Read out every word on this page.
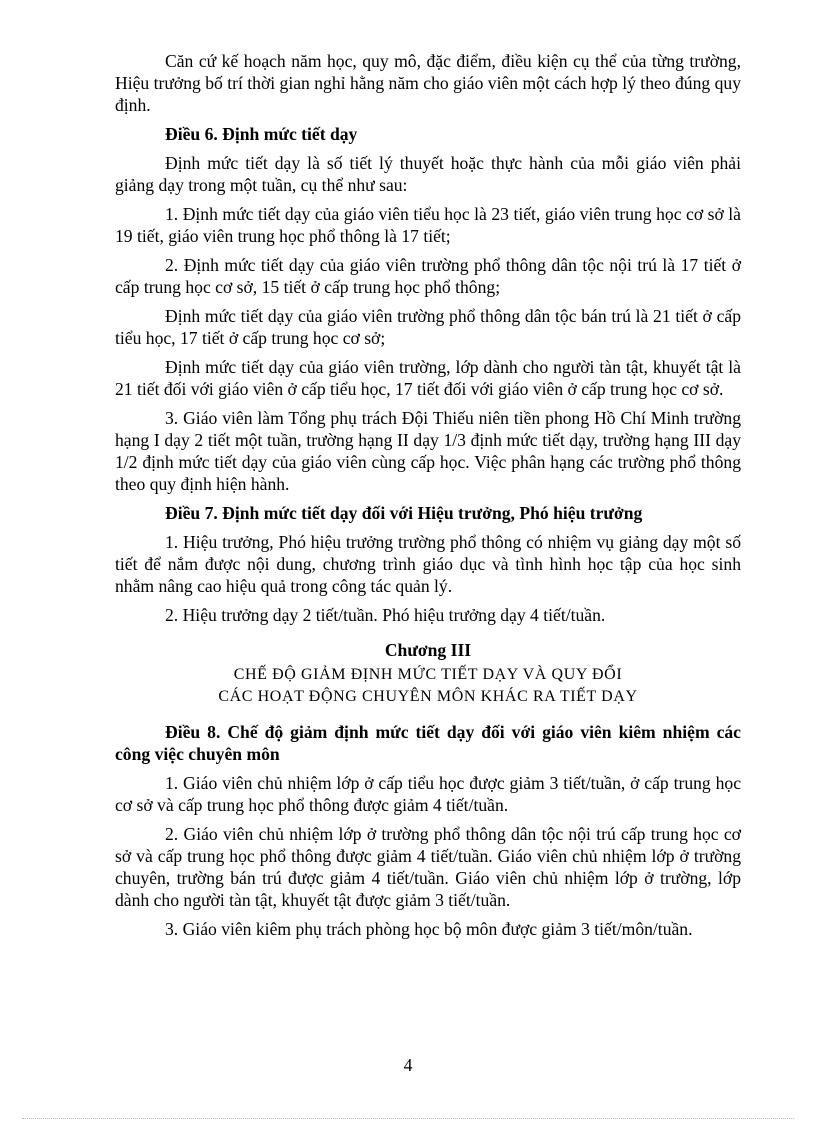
Căn cứ kế hoạch năm học, quy mô, đặc điểm, điều kiện cụ thể của từng trường, Hiệu trưởng bố trí thời gian nghỉ hằng năm cho giáo viên một cách hợp lý theo đúng quy định.

Điều 6. Định mức tiết dạy

Định mức tiết dạy là số tiết lý thuyết hoặc thực hành của mỗi giáo viên phải giảng dạy trong một tuần, cụ thể như sau:

1. Định mức tiết dạy của giáo viên tiểu học là 23 tiết, giáo viên trung học cơ sở là 19 tiết, giáo viên trung học phổ thông là 17 tiết;

2. Định mức tiết dạy của giáo viên trường phổ thông dân tộc nội trú là 17 tiết ở cấp trung học cơ sở, 15 tiết ở cấp trung học phổ thông;

Định mức tiết dạy của giáo viên trường phổ thông dân tộc bán trú là 21 tiết ở cấp tiểu học, 17 tiết ở cấp trung học cơ sở;

Định mức tiết dạy của giáo viên trường, lớp dành cho người tàn tật, khuyết tật là 21 tiết đối với giáo viên ở cấp tiểu học, 17 tiết đối với giáo viên ở cấp trung học cơ sở.

3. Giáo viên làm Tổng phụ trách Đội Thiếu niên tiền phong Hồ Chí Minh trường hạng I dạy 2 tiết một tuần, trường hạng II dạy 1/3 định mức tiết dạy, trường hạng III dạy 1/2 định mức tiết dạy của giáo viên cùng cấp học. Việc phân hạng các trường phổ thông theo quy định hiện hành.

Điều 7. Định mức tiết dạy đối với Hiệu trưởng, Phó hiệu trưởng

1. Hiệu trưởng, Phó hiệu trưởng trường phổ thông có nhiệm vụ giảng dạy một số tiết để nắm được nội dung, chương trình giáo dục và tình hình học tập của học sinh nhằm nâng cao hiệu quả trong công tác quản lý.

2. Hiệu trưởng dạy 2 tiết/tuần. Phó hiệu trưởng dạy 4 tiết/tuần.

Chương III

CHẾ ĐỘ GIẢM ĐỊNH MỨC TIẾT DẠY VÀ QUY ĐỔI

CÁC HOẠT ĐỘNG CHUYÊN MÔN KHÁC RA TIẾT DẠY

Điều 8. Chế độ giảm định mức tiết dạy đối với giáo viên kiêm nhiệm các công việc chuyên môn

1. Giáo viên chủ nhiệm lớp ở cấp tiểu học được giảm 3 tiết/tuần, ở cấp trung học cơ sở và cấp trung học phổ thông được giảm 4 tiết/tuần.

2. Giáo viên chủ nhiệm lớp ở trường phổ thông dân tộc nội trú cấp trung học cơ sở và cấp trung học phổ thông được giảm 4 tiết/tuần. Giáo viên chủ nhiệm lớp ở trường chuyên, trường bán trú được giảm 4 tiết/tuần. Giáo viên chủ nhiệm lớp ở trường, lớp dành cho người tàn tật, khuyết tật được giảm 3 tiết/tuần.

3. Giáo viên kiêm phụ trách phòng học bộ môn được giảm 3 tiết/môn/tuần.

4
